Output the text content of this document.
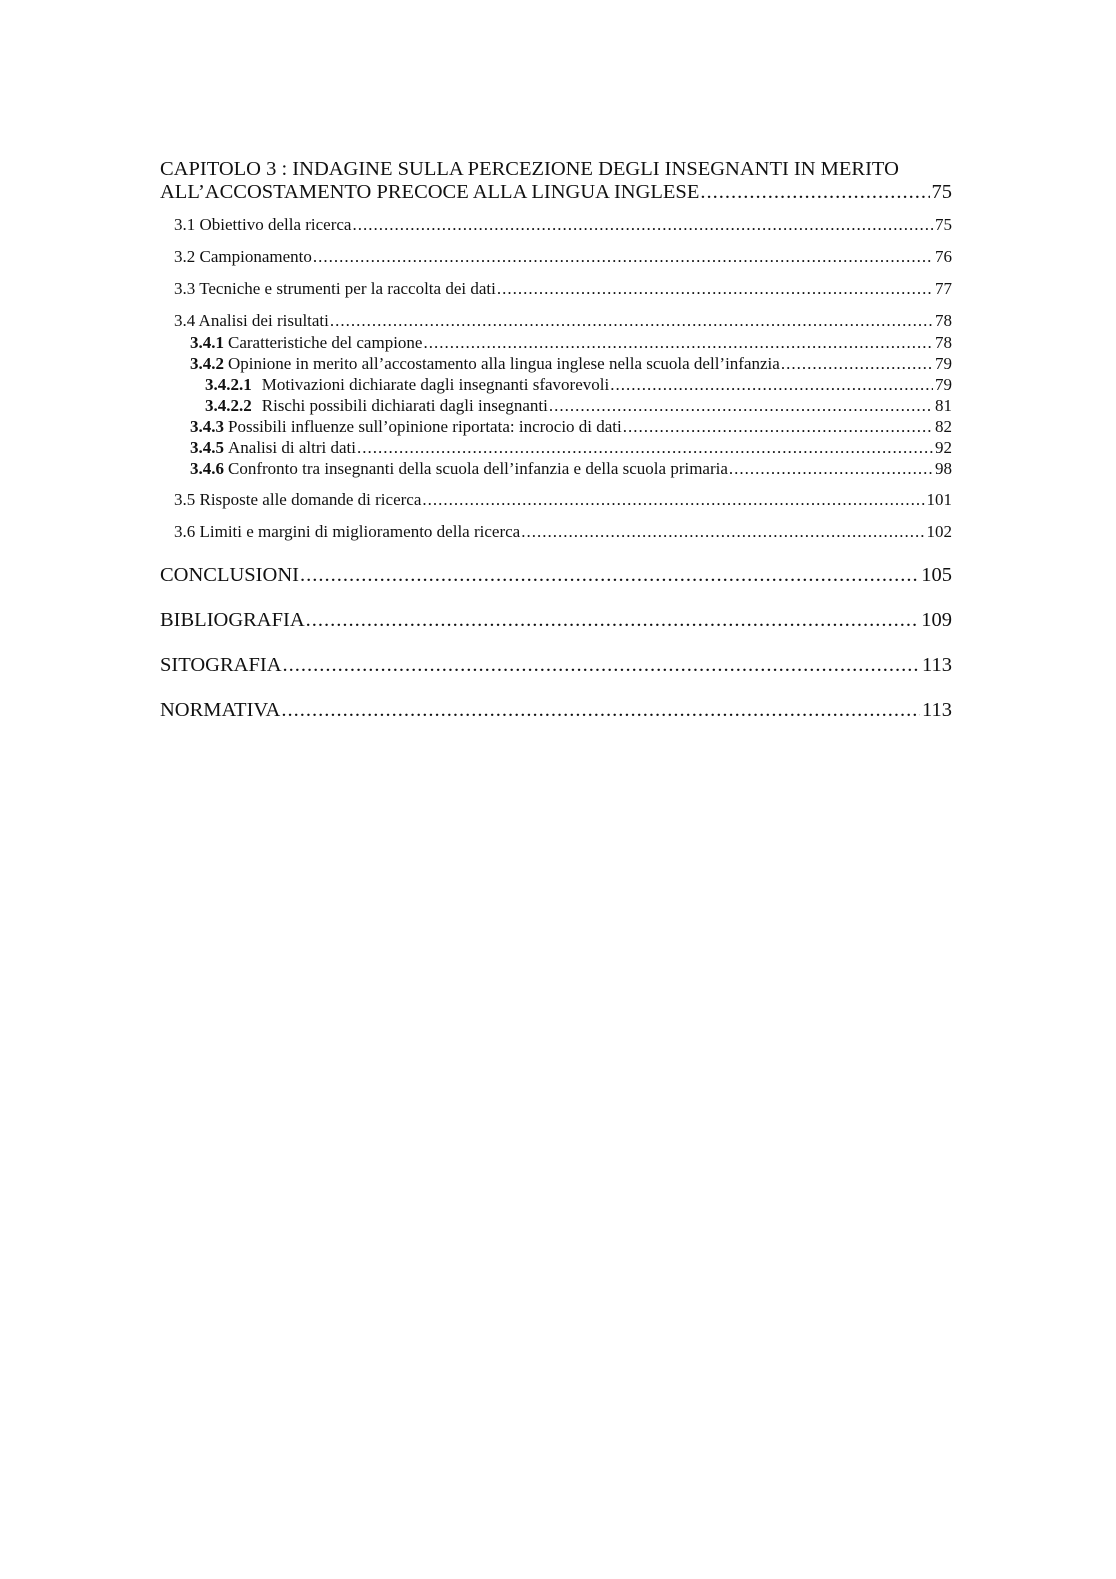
CAPITOLO 3 : INDAGINE SULLA PERCEZIONE DEGLI INSEGNANTI IN MERITO
ALL’ACCOSTAMENTO PRECOCE ALLA LINGUA INGLESE .....	75
3.1 Obiettivo della ricerca .....	75
3.2 Campionamento .....	76
3.3 Tecniche e strumenti per la raccolta dei dati .....	77
3.4 Analisi dei risultati .....	78
3.4.1 Caratteristiche del campione .....	78
3.4.2 Opinione in merito all’accostamento alla lingua inglese nella scuola dell’infanzia .....	79
3.4.2.1 Motivazioni dichiarate dagli insegnanti sfavorevoli .....	79
3.4.2.2 Rischi possibili dichiarati dagli insegnanti .....	81
3.4.3 Possibili influenze sull’opinione riportata: incrocio di dati .....	82
3.4.5 Analisi di altri dati .....	92
3.4.6 Confronto tra insegnanti della scuola dell’infanzia e della scuola primaria .....	98
3.5 Risposte alle domande di ricerca .....	101
3.6 Limiti e margini di miglioramento della ricerca .....	102
CONCLUSIONI .....	105
BIBLIOGRAFIA .....	109
SITOGRAFIA .....	113
NORMATIVA .....	113
